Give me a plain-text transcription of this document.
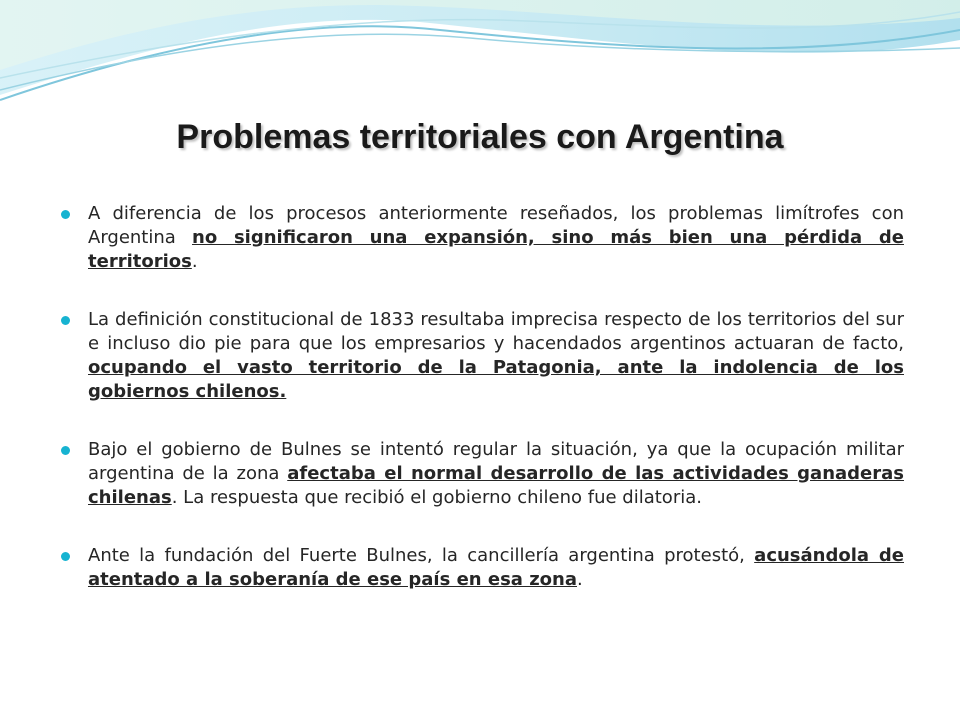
Problemas territoriales con Argentina
A diferencia de los procesos anteriormente reseñados, los problemas limítrofes con Argentina no significaron una expansión, sino más bien una pérdida de territorios.
La definición constitucional de 1833 resultaba imprecisa respecto de los territorios del sur e incluso dio pie para que los empresarios y hacendados argentinos actuaran de facto, ocupando el vasto territorio de la Patagonia, ante la indolencia de los gobiernos chilenos.
Bajo el gobierno de Bulnes se intentó regular la situación, ya que la ocupación militar argentina de la zona afectaba el normal desarrollo de las actividades ganaderas chilenas. La respuesta que recibió el gobierno chileno fue dilatoria.
Ante la fundación del Fuerte Bulnes, la cancillería argentina protestó, acusándola de atentado a la soberanía de ese país en esa zona.
